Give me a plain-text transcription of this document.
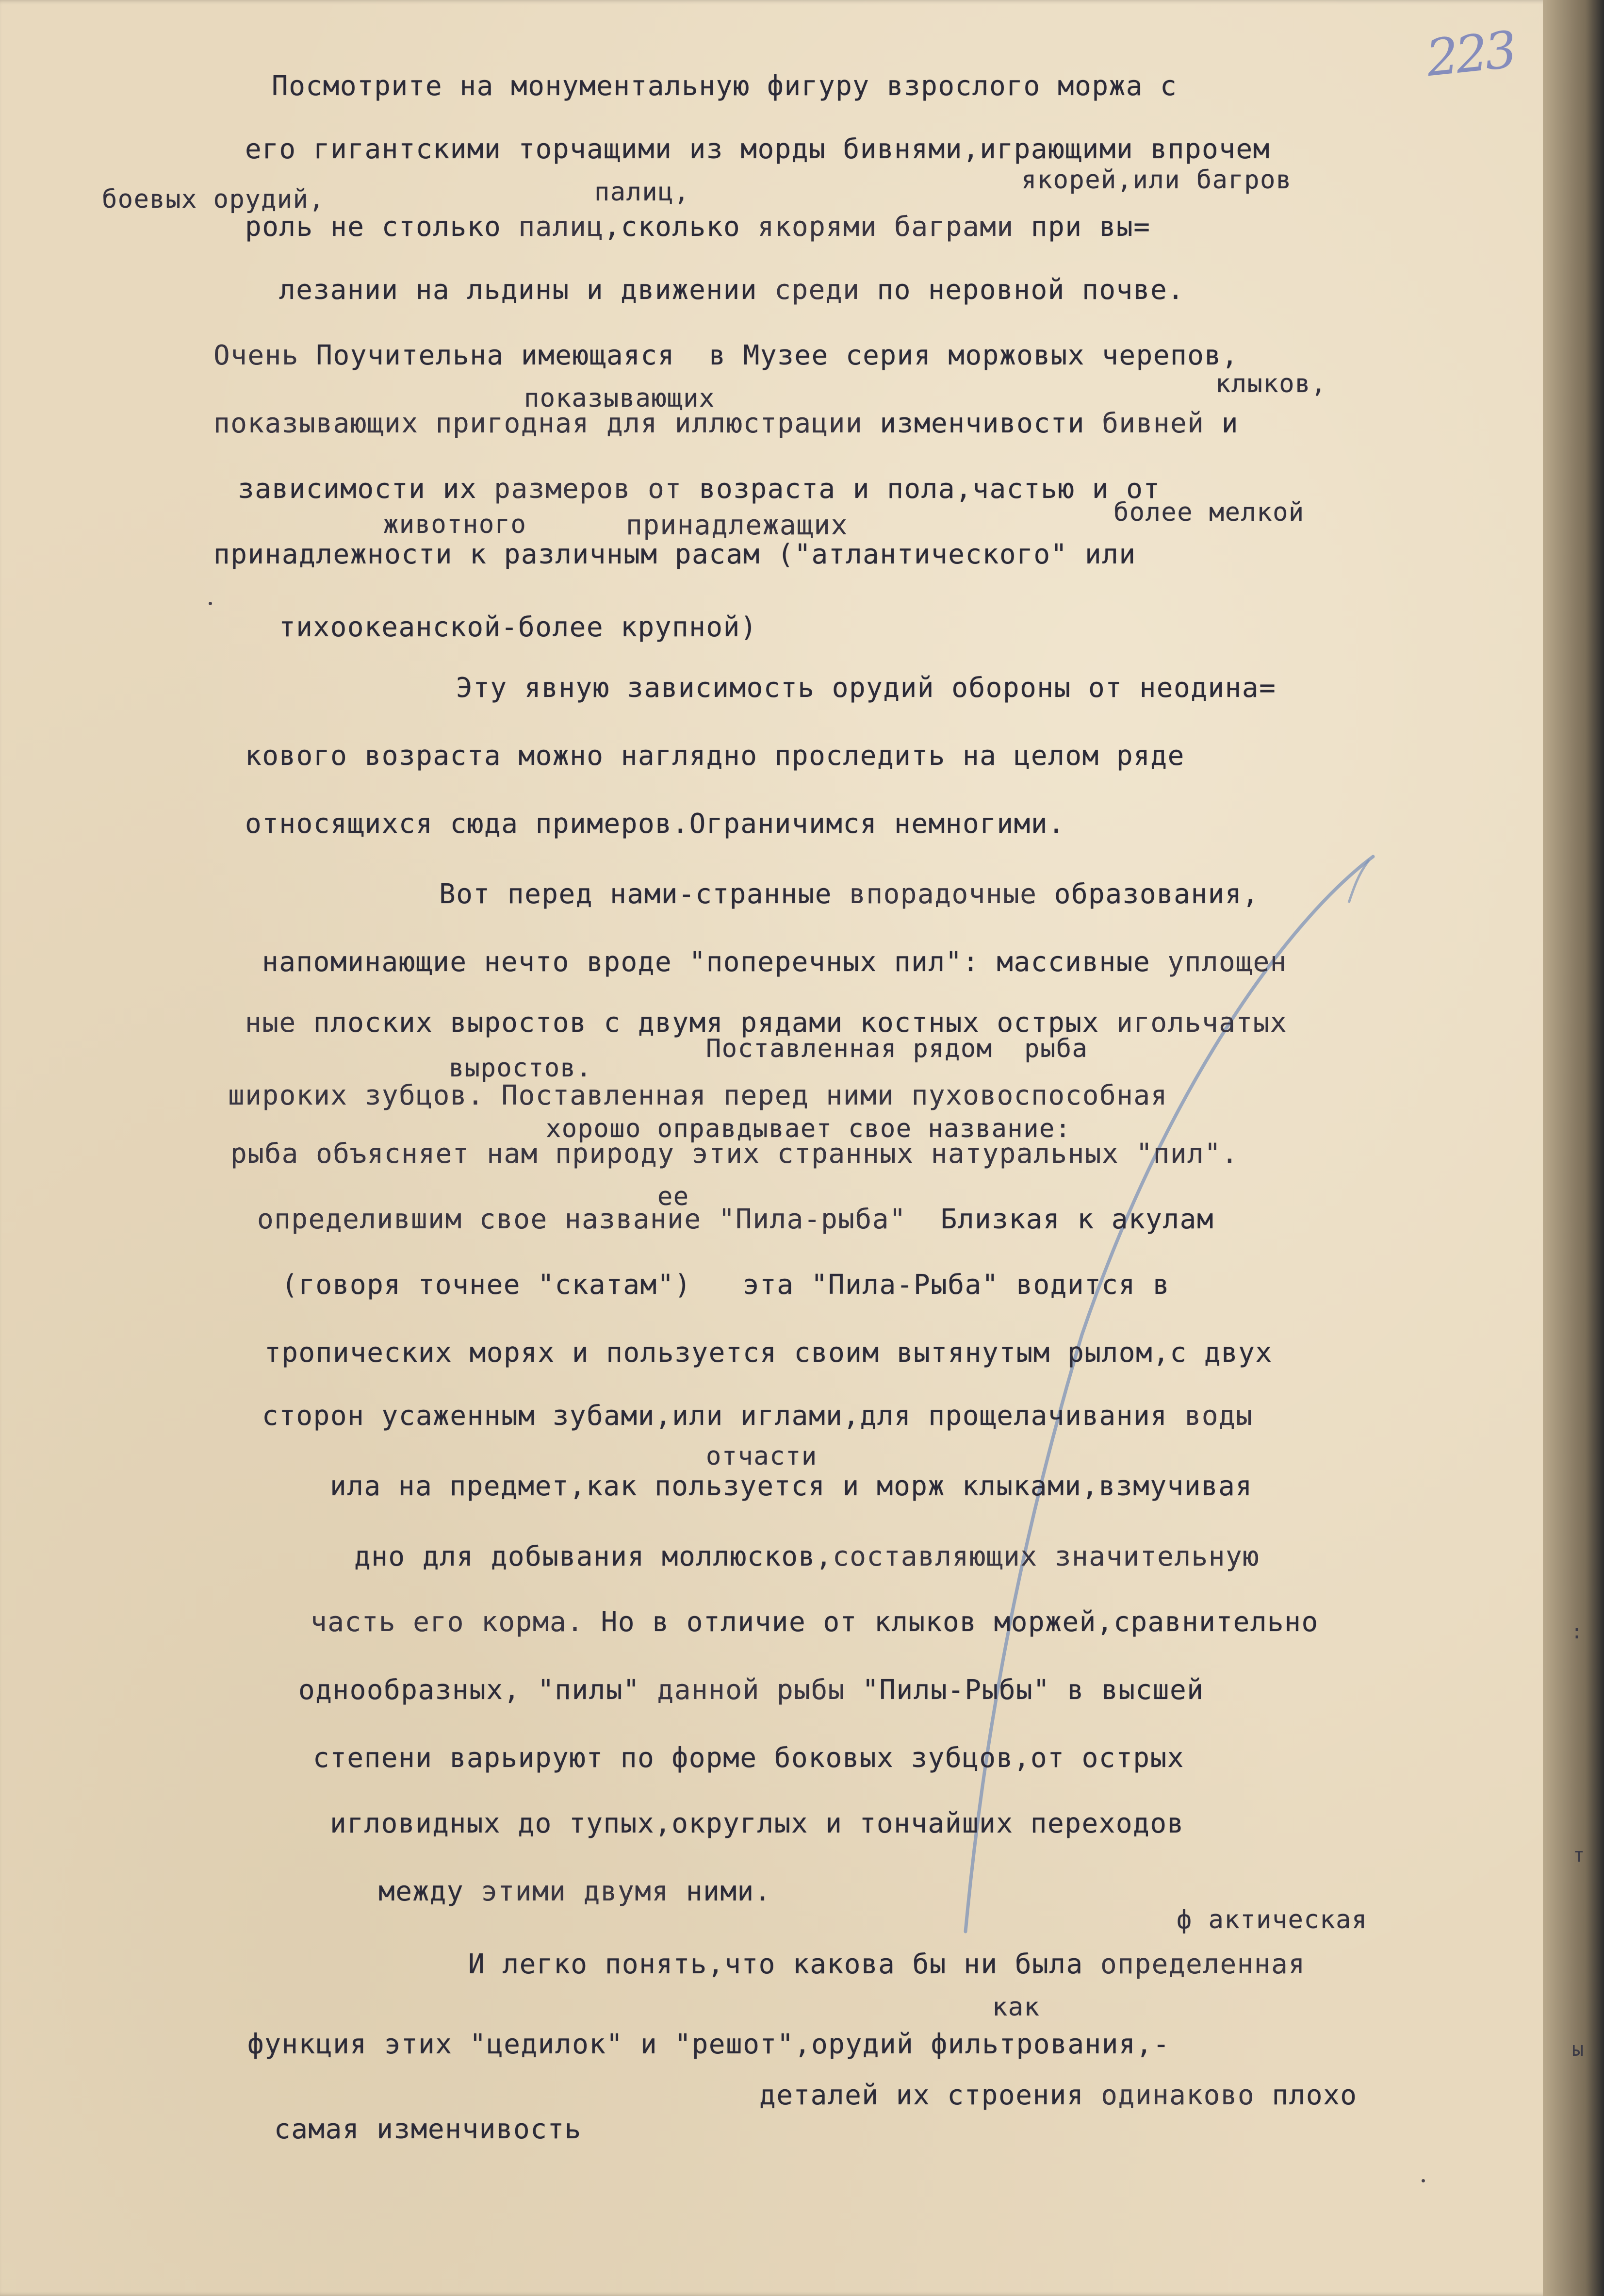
223
Посмотрите на монументальную фигуру взрослого моржа с
его гигантскими торчащими из морды бивнями,играющими впрочем
боевых орудий,	палиц,	якорей,или багров
роль не столько палиц,сколько якорями баграми при вы=
лезании на льдины и движении среди по неровной почве.
Очень Поучительна имеющаяся  в Музее серия моржовых черепов,
показывающих	клыков,
показывающих пригодная для иллюстрации изменчивости бивней и
зависимости их размеров от возраста и пола,частью и от
животного	принадлежащих	более мелкой
принадлежности к различным расам ("атлантического" или
тихоокеанской-более крупной)
Эту явную зависимость орудий обороны от неодина=
кового возраста можно наглядно проследить на целом ряде
относящихся сюда примеров.Ограничимся немногими.
Вот перед нами-странные впорадочные образования,
напоминающие нечто вроде "поперечных пил": массивные уплощен
ные плоских выростов с двумя рядами костных острых игольчатых
выростов.
Поставленная рядом  рыба
широких зубцов. Поставленная перед ними пуховоспособная
хорошо оправдывает свое название:
рыба объясняет нам природу этих странных натуральных "пил".
ее
определившим свое название "Пила-рыба"  Близкая к акулам
(говоря точнее "скатам")   эта "Пила-Рыба" водится в
тропических морях и пользуется своим вытянутым рылом,с двух
сторон усаженным зубами,или иглами,для прощелачивания воды
отчасти
ила на предмет,как пользуется и морж клыками,взмучивая
дно для добывания моллюсков,составляющих значительную
часть его корма. Но в отличие от клыков моржей,сравнительно
однообразных, "пилы" данной рыбы "Пилы-Рыбы" в высшей
степени варьируют по форме боковых зубцов,от острых
игловидных до тупых,округлых и тончайших переходов
между этими двумя ними.
ф актическая
И легко понять,что какова бы ни была определенная
как
функция этих "цедилок" и "решот",орудий фильтрования,-
деталей их строения одинаково плохо
самая изменчивость
:
т
ы
